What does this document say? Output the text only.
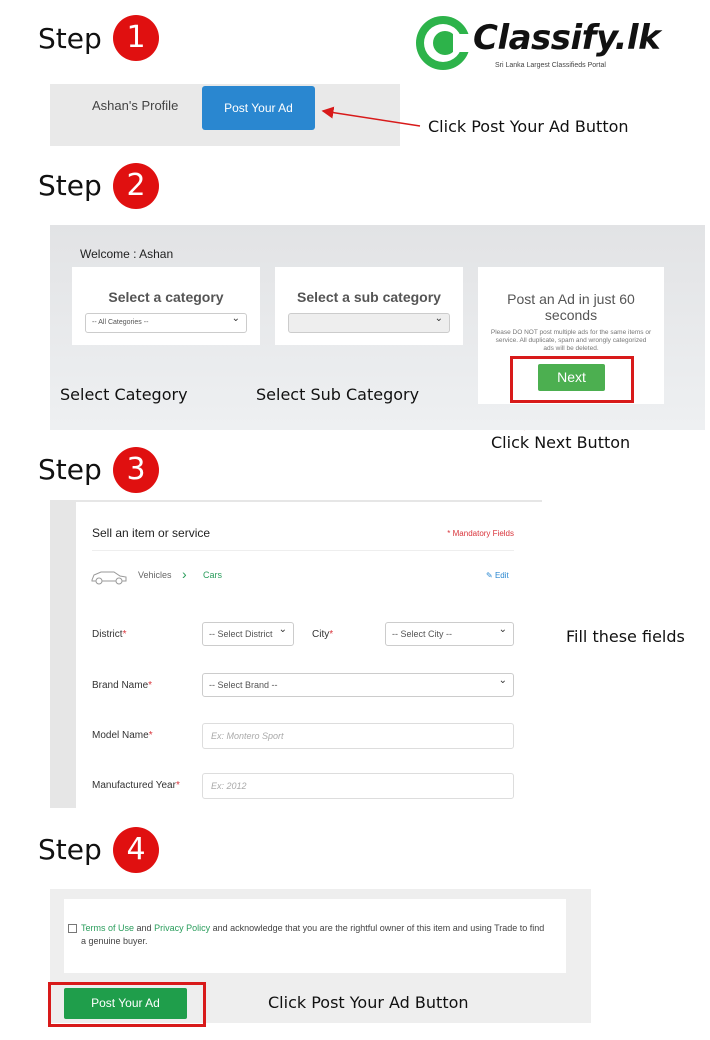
Step 1	Classify.lk
Sri Lanka Largest Classifieds Portal
Ashan's Profile	Post Your Ad
Click Post Your Ad Button
Step 2
Welcome : Ashan
Select a category
-- All Categories -- ⌄
Select a sub category
⌄	Post an Ad in just 60 seconds
Please DO NOT post multiple ads for the same items or service. All duplicate, spam and wrongly categorized ads will be deleted.
Next
Select Category	Select Sub Category
Click Next Button
Step 3
Sell an item or service	* Mandatory Fields
Vehicles › Cars	✎ Edit
District*	-- Select District ⌄	City*	-- Select City -- ⌄
Brand Name*	-- Select Brand -- ⌄
Model Name*	Ex: Montero Sport
Manufactured Year*	Ex: 2012
Fill these fields
Step 4
Terms of Use and Privacy Policy and acknowledge that you are the rightful owner of this item and using Trade to find a genuine buyer.
Post Your Ad	Click Post Your Ad Button
